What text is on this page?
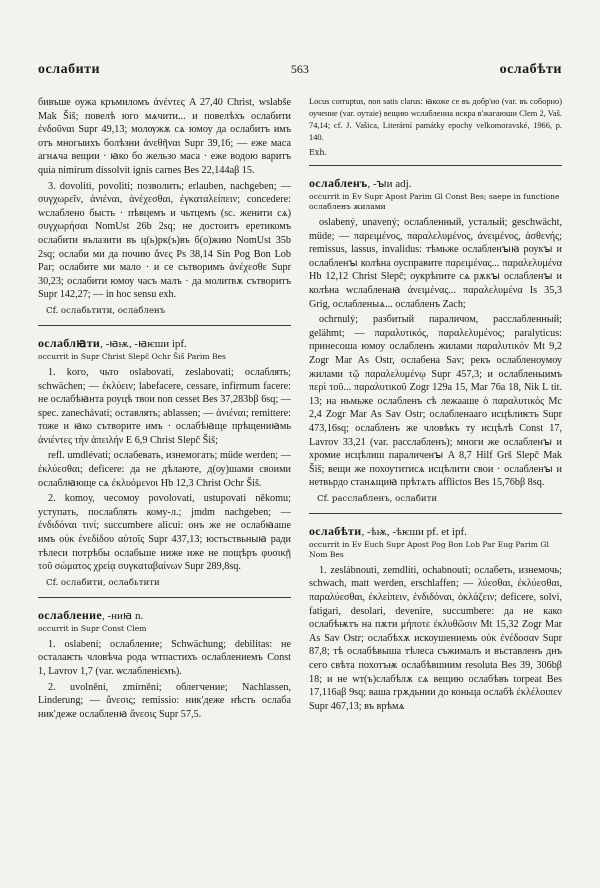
ослабити	563	ослаб‍ѣти

бивъше оужа кръмиломъ ἀνέντες A 27,40 Christ, wslabše Mak Šiš; повелѣ юго мѧчити... и повелѣхъ ослабити ἐνδοῦναι Supr 49,13; молѹжѫ сѧ юмоу да ослабитъ имъ отъ многыихъ болѣзни ἀνεθῆναι Supr 39,16; — еже маса агнѧча вещии ‧ ꙗко бо жельзо маса ‧ еже водою варитъ quia nimirum dissolvit ignis carnes Bes 22,144aβ 15.

3. dovoliti, povoliti; позволить; erlauben, nachgeben; — συγχωρεῖν, ἀνιέναι, ἀνέχεσθαι, ἐγκαταλείπειν; concedere: wслабленo бысть · пѣвцемъ и чьтцемъ (sc. женити сѧ) συγχωρήσαι NomUst 26b 2sq; не достоитъ еретикомъ ослабити вълазити въ ц(ь)рк(ъ)въ б(о)жию NomUst 35b 2sq; ослаби ми да почию ἄνες Ps 38,14 Sin Pog Bon Lob Par; ослабите ми мало · и се сътворимъ ἀνέχεσθε Supr 30,23; ослабити юмоу часъ малъ · да молитвѫ сътворитъ Supr 142,27; — in hoc sensu exh.

Cf. ослабьтити, ослабленъ

ослаблꙗти, -ꙗѭ, -ꙗѥши ipf.

occurrit in Supr Christ Slepč Ochr Šiš Parim Bes

1. koго, чьто oslabovati, zeslabovati; ослаблять; schwächen; — ἐκλύειν; labefacere, cessare, infirmum facere: не ослабѣꙗнта роуцѣ твои non cesset Bes 37,283bβ 6sq; — spec. zanechávati; оставлять; ablassen; — ἀνιέναι; remittere: тоже и ꙗко сътворите имъ · ослабѣꙗще прѣщениꙗмь ἀνιέντες τὴν ἀπειλήν E 6,9 Christ Slepč Šiš;

refl. umdlévati; ослабевать, изнемогать; müde werden; — ἐκλύεσθαι; deficere: да не дѣлаюте, д(оу)шами своими ослаблꙗюще сѧ ἐκλυόμενοι Hb 12,3 Christ Ochr Šiš.

2. komoу, чесомоу povolovati, ustupovati někomu; уступать, послаблять кому-л.; jmdm nachgeben; — ἐνδιδόναι τινί; succumbere alicui: онъ же не ослабꙗаше имъ ούκ ἐνεδίδου αὐτοῖς Supr 437,13; юстьствьныꙗ ради тѣлеси потрѣбы ослабьше ниже иже не пощѣръ φυσικῇ τοῦ σώματος χρείᾳ συγκαταβαίνων Supr 289,8sq.

Cf. ослабити, ослабьтити

ослабление, -ниꙗ n.

occurrit in Supr Const Clem

1. oslabení; ослабление; Schwächung; debilitas: не осталаѥть чловѣча рода wтпастихъ ослаблениемъ Const 1, Lavrov 1,7 (var. ѡслабленіємъ).

2. uvolnění, zmírnění; облегчение; Nachlassen, Linderung; — ἄνεσις; remissio: ник'деже нѣсть ослаба ник'деже ослабленꙗ ἄνεσις Supr 57,5.

Locus corruptus, non satis clarus: ꙗкоже се въ добр'ио (var. въ соборно) оучение (var. оутаіе) вещию wслаблениа искра в'жагаюши Clem 2, Vaš. 74,14; cf. J. Vašica, Literární památky epochy velkomoravské, 1966, p. 140.

Exh.

ослабленъ, -ꙑи adj.

occurrit in Ev Supr Apost Parim Gl Const Bes; saepe in functione ослабленъ жилами

oslabený, unavený; ослабленный, усталый; geschwächt, müde; — παρειμένος, παραλελυμένος, ἀνειμένος, ἀσθενής; remissus, lassus, invalidus: тѣмьже ослабленꙑꙗ роукꙑ и ослабленꙑ колѣна оусправите παρειμένας... παραλελυμένα Hb 12,12 Christ Slepč; оукрѣпите сѧ рѫкꙑ ослабленꙑ и колѣна wслабленаꙗ ἀνειμένας... παραλελυμένα Is 35,3 Grig, ослабленыѧ... ослабленъ Zach;

ochrnulý; разбитый параличом, расслабленный; gelähmt; — παραλυτικός, παραλελυμένος; paralyticus: принесоша юмоу ослабленъ жилами παραλυτικόν Mt 9,2 Zogr Mar As Ostr, ослабена Sav; рекъ ослабленоумоу жилами τῷ παραλελυμένῳ Supr 457,3; и ослабленыимъ περὶ τοῦ... παραλυτικοῦ Zogr 129a 15, Mar 76a 18, Nik L tit. 13; на ньмьже ослабленъ сѣ лежааше ὁ παραλυτικός Mc 2,4 Zogr Mar As Sav Ostr; ослабленааго исцѣлиѥть Supr 473,16sq; ослабленъ же чловѣкъ ту исцѣлѣ Const 17, Lavrov 33,21 (var. расслабленъ); многи же ослабленꙑ и хромие исцѣлиш параличенꙑ A 8,7 Hilf Grš Slepč Mak Šiš; вещи же похоутитисѧ исцѣлити свои · ослабленꙑ и нетвьрдо станѧщиꙗ прѣтѧть afflictos Bes 15,76bβ 8sq.

Cf. расслабленъ, ослабити

ослабѣти, -ѣѭ, -ѣѥши pf. et ipf.

occurrit in Ev Euch Supr Apost Pog Bon Lob Par Eug Parim Gl Nom Bes

1. zeslábnouti, zemdlíti, ochabnouti; ослабеть, изнемочь; schwach, matt werden, erschlaffen; — λύεσθαι, ἐκλύεσθαι, παραλύεσθαι, ἐκλείπειν, ἐνδιδόναι, ὀκλάζειν; deficere, solvi, fatigari, desolari, devenire, succumbere: да не како ослабѣѭтъ на пѫти μήποτε ἐκλυθῶσιν Mt 15,32 Zogr Mar As Sav Ostr; ослабѣхѫ искоушениемь οὐκ ἐνέδοσαν Supr 87,8; тѣ ослабѣвыша тѣлеса съжималъ и въставленъ днъ сего свѣта похотъѭ ослабѣвшиим resoluta Bes 39, 306bβ 18; и не wт(ъ)слабѣлѫ сѧ вещию ослабѣвъ torpeat Bes 17,116aβ 9sq; ваша грѫдьнии до коньца ослабѣ ἐκλέλοιπεν Supr 467,13; въ врѣмѧ
